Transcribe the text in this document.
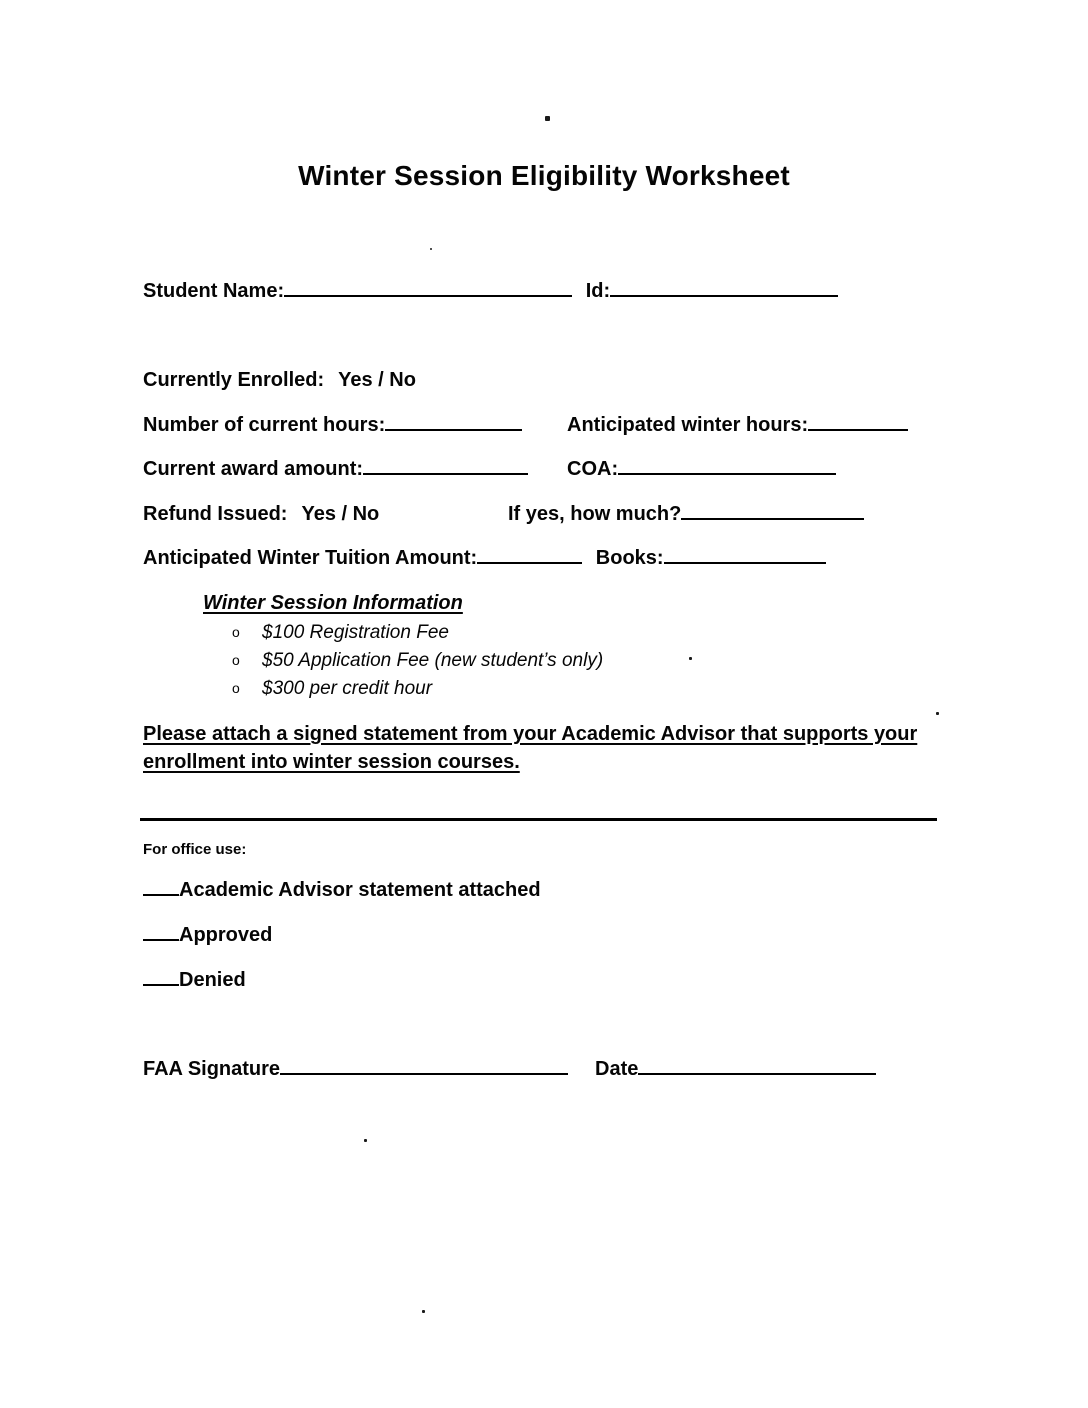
Winter Session Eligibility Worksheet
Student Name:	Id:
Currently Enrolled: Yes / No
Number of current hours:	Anticipated winter hours:
Current award amount:	COA:
Refund Issued: Yes / No	If yes, how much?
Anticipated Winter Tuition Amount:	Books:
Winter Session Information
o $100 Registration Fee
o $50 Application Fee (new student’s only)
o $300 per credit hour
Please attach a signed statement from your Academic Advisor that supports your enrollment into winter session courses.
For office use:
Academic Advisor statement attached
Approved
Denied
FAA Signature	Date
